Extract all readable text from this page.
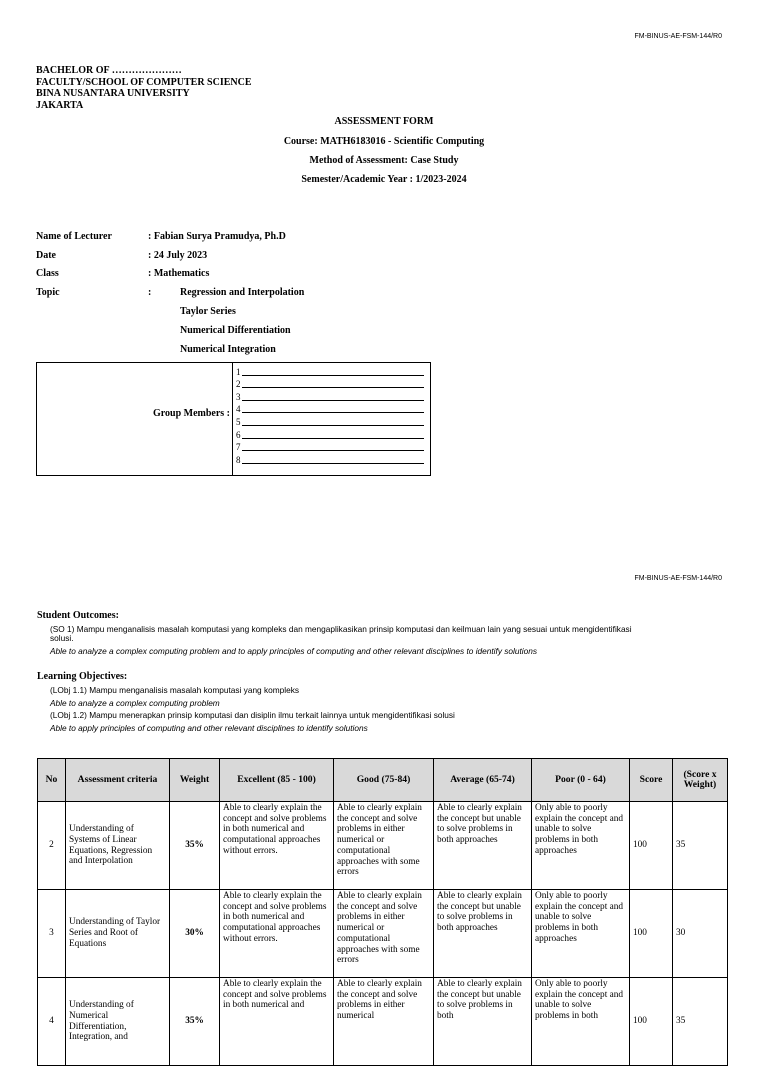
FM-BINUS-AE-FSM-144/R0
BACHELOR OF …………………
FACULTY/SCHOOL OF COMPUTER SCIENCE
BINA NUSANTARA UNIVERSITY
JAKARTA
ASSESSMENT FORM
Course: MATH6183016 - Scientific Computing
Method of Assessment: Case Study
Semester/Academic Year : 1/2023-2024
Name of Lecturer	: Fabian Surya Pramudya, Ph.D
Date	: 24 July 2023
Class	: Mathematics
Topic	:	Regression and Interpolation
Taylor Series
Numerical Differentiation
Numerical Integration
Group Members :
1
2
3
4
5
6
7
8
FM-BINUS-AE-FSM-144/R0
Student Outcomes:
(SO 1) Mampu menganalisis masalah komputasi yang kompleks dan mengaplikasikan prinsip komputasi dan keilmuan lain yang sesuai untuk mengidentifikasi
solusi.
Able to analyze a complex computing problem and to apply principles of computing and other relevant disciplines to identify solutions
Learning Objectives:
(LObj 1.1) Mampu menganalisis masalah komputasi yang kompleks
Able to analyze a complex computing problem
(LObj 1.2) Mampu menerapkan prinsip komputasi dan disiplin ilmu terkait lainnya untuk mengidentifikasi solusi
Able to apply principles of computing and other relevant disciplines to identify solutions
No	Assessment criteria	Weight	Excellent (85 - 100)	Good (75-84)	Average (65-74)	Poor (0 - 64)	Score	(Score x Weight)
2	Understanding of Systems of Linear Equations, Regression and Interpolation	35%	Able to clearly explain the concept and solve problems in both numerical and computational approaches without errors.	Able to clearly explain the concept and solve problems in either numerical or computational approaches with some errors	Able to clearly explain the concept but unable to solve problems in both approaches	Only able to poorly explain the concept and unable to solve problems in both approaches	100	35
3	Understanding of Taylor Series and Root of Equations	30%	Able to clearly explain the concept and solve problems in both numerical and computational approaches without errors.	Able to clearly explain the concept and solve problems in either numerical or computational approaches with some errors	Able to clearly explain the concept but unable to solve problems in both approaches	Only able to poorly explain the concept and unable to solve problems in both approaches	100	30
4	Understanding of Numerical Differentiation, Integration, and	35%	Able to clearly explain the concept and solve problems in both numerical and	Able to clearly explain the concept and solve problems in either numerical	Able to clearly explain the concept but unable to solve problems in both	Only able to poorly explain the concept and unable to solve problems in both	100	35
